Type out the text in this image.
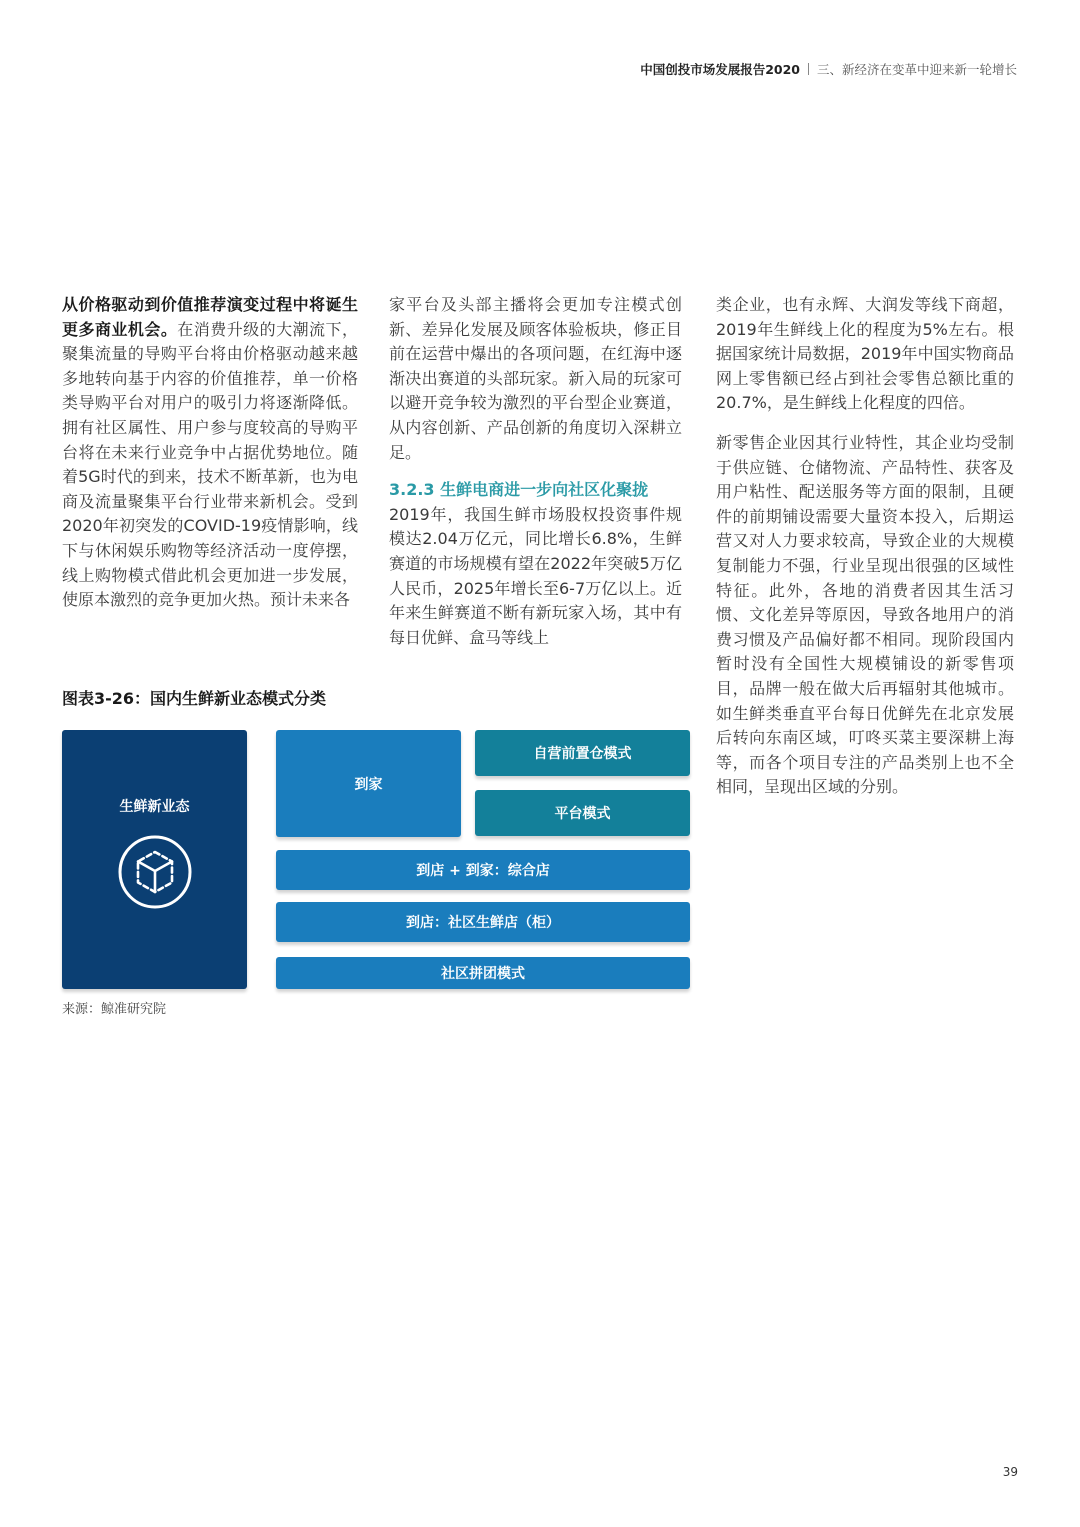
中国创投市场发展报告2020 三、新经济在变革中迎来新一轮增长

从价格驱动到价值推荐演变过程中将诞生更多商业机会。在消费升级的大潮流下，聚集流量的导购平台将由价格驱动越来越多地转向基于内容的价值推荐，单一价格类导购平台对用户的吸引力将逐渐降低。拥有社区属性、用户参与度较高的导购平台将在未来行业竞争中占据优势地位。随着5G时代的到来，技术不断革新，也为电商及流量聚集平台行业带来新机会。受到2020年初突发的COVID-19疫情影响，线下与休闲娱乐购物等经济活动一度停摆，线上购物模式借此机会更加进一步发展，使原本激烈的竞争更加火热。预计未来各

家平台及头部主播将会更加专注模式创新、差异化发展及顾客体验板块，修正目前在运营中爆出的各项问题，在红海中逐渐决出赛道的头部玩家。新入局的玩家可以避开竞争较为激烈的平台型企业赛道，从内容创新、产品创新的角度切入深耕立足。

3.2.3 生鲜电商进一步向社区化聚拢

2019年，我国生鲜市场股权投资事件规模达2.04万亿元，同比增长6.8%，生鲜赛道的市场规模有望在2022年突破5万亿人民币，2025年增长至6-7万亿以上。近年来生鲜赛道不断有新玩家入场，其中有每日优鲜、盒马等线上

类企业，也有永辉、大润发等线下商超，2019年生鲜线上化的程度为5%左右。根据国家统计局数据，2019年中国实物商品网上零售额已经占到社会零售总额比重的20.7%，是生鲜线上化程度的四倍。

新零售企业因其行业特性，其企业均受制于供应链、仓储物流、产品特性、获客及用户粘性、配送服务等方面的限制，且硬件的前期铺设需要大量资本投入，后期运营又对人力要求较高，导致企业的大规模复制能力不强，行业呈现出很强的区域性特征。此外，各地的消费者因其生活习惯、文化差异等原因，导致各地用户的消费习惯及产品偏好都不相同。现阶段国内暂时没有全国性大规模铺设的新零售项目，品牌一般在做大后再辐射其他城市。如生鲜类垂直平台每日优鲜先在北京发展后转向东南区域，叮咚买菜主要深耕上海等，而各个项目专注的产品类别上也不全相同，呈现出区域的分别。

图表3-26：国内生鲜新业态模式分类
生鲜新业态
到家
自营前置仓模式
平台模式
到店 + 到家：综合店
到店：社区生鲜店（柜）
社区拼团模式
来源：鲸准研究院
39
